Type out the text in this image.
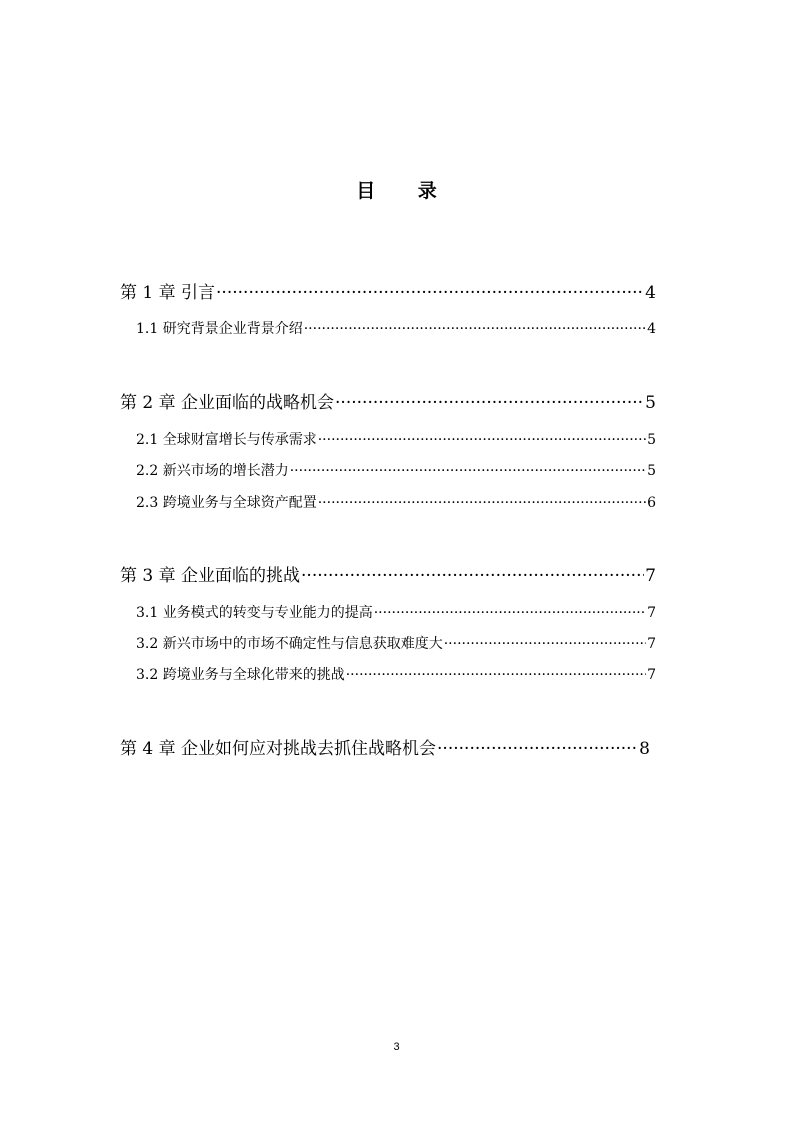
目 录
第 1 章 引言 ·····	4
1.1 研究背景企业背景介绍 ·····	4
第 2 章 企业面临的战略机会 ·····	5
2.1 全球财富增长与传承需求 ·····	5
2.2 新兴市场的增长潜力 ·····	5
2.3 跨境业务与全球资产配置 ·····	6
第 3 章 企业面临的挑战 ·····	7
3.1 业务模式的转变与专业能力的提高 ·····	7
3.2 新兴市场中的市场不确定性与信息获取难度大 ·····	7
3.2 跨境业务与全球化带来的挑战 ·····	7
第 4 章 企业如何应对挑战去抓住战略机会 ·····	8
3
